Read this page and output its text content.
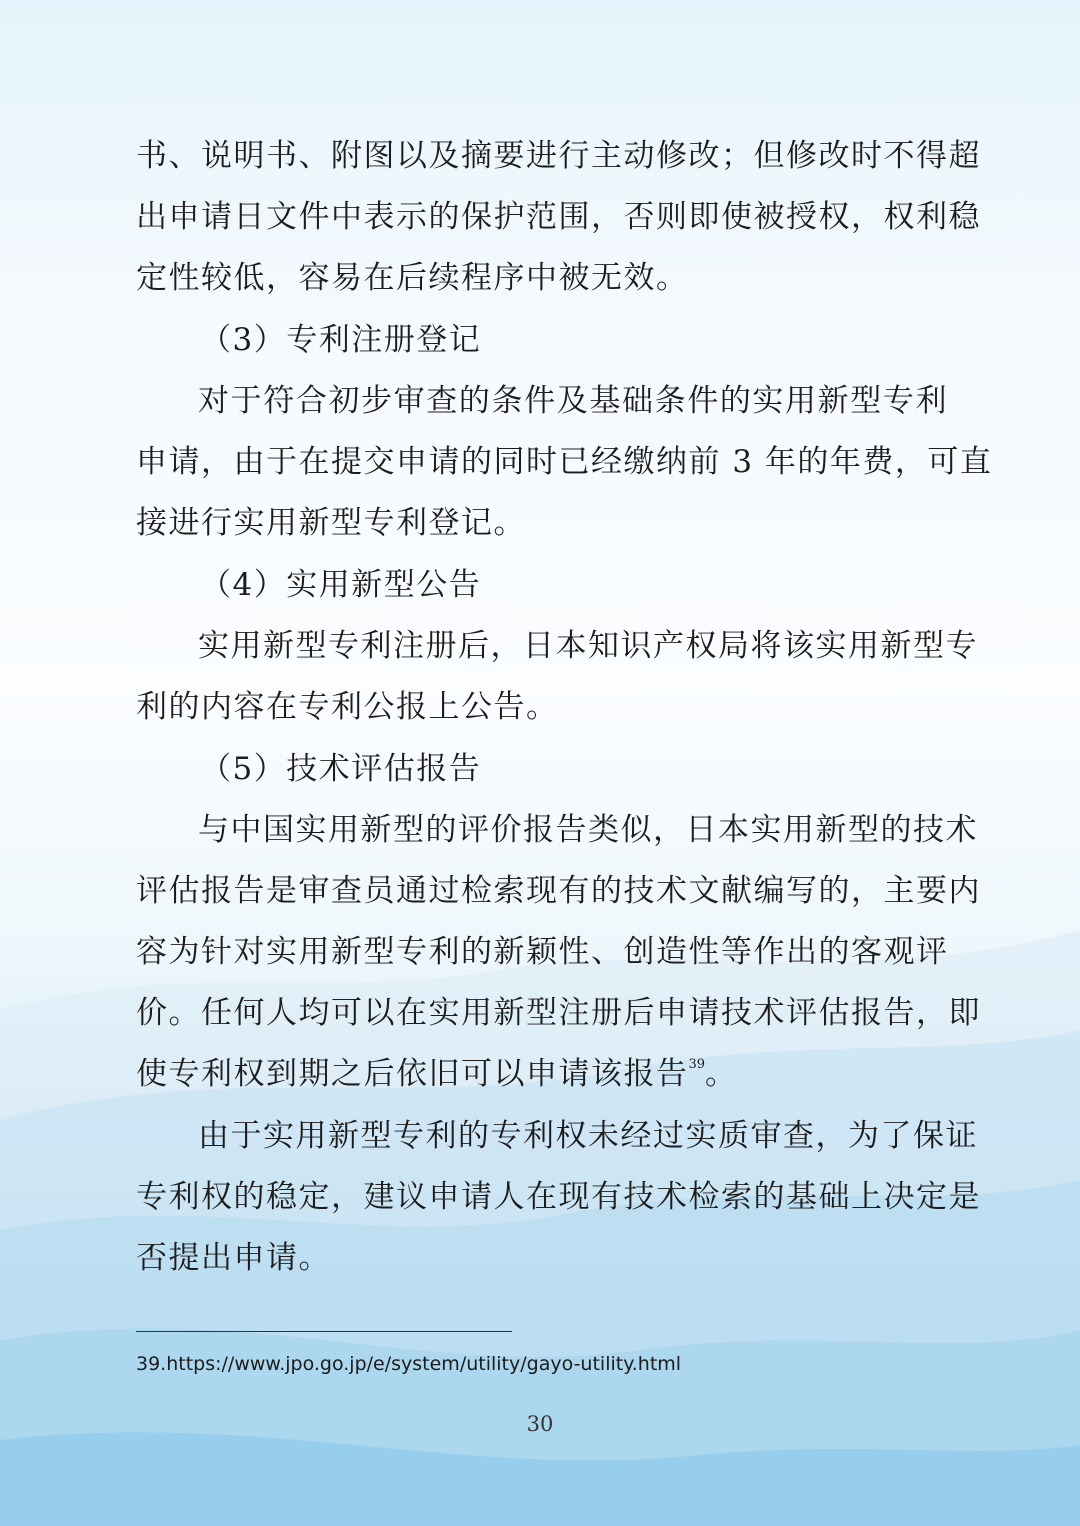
书、说明书、附图以及摘要进行主动修改；但修改时不得超
出申请日文件中表示的保护范围，否则即使被授权，权利稳
定性较低，容易在后续程序中被无效。
（3）专利注册登记
对于符合初步审查的条件及基础条件的实用新型专利
申请，由于在提交申请的同时已经缴纳前 3 年的年费，可直
接进行实用新型专利登记。
（4）实用新型公告
实用新型专利注册后，日本知识产权局将该实用新型专
利的内容在专利公报上公告。
（5）技术评估报告
与中国实用新型的评价报告类似，日本实用新型的技术
评估报告是审查员通过检索现有的技术文献编写的，主要内
容为针对实用新型专利的新颖性、创造性等作出的客观评
价。任何人均可以在实用新型注册后申请技术评估报告，即
使专利权到期之后依旧可以申请该报告$^{39}$。
由于实用新型专利的专利权未经过实质审查，为了保证
专利权的稳定，建议申请人在现有技术检索的基础上决定是
否提出申请。
39.https://www.jpo.go.jp/e/system/utility/gayo-utility.html
30
